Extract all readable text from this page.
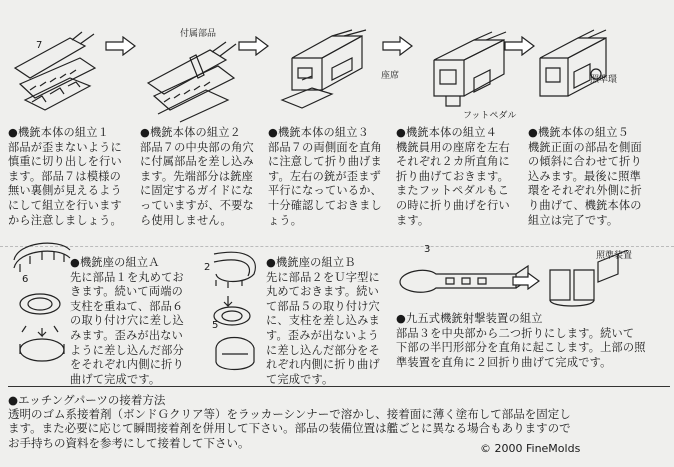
7
付属部品
座席
フットペダル
照準環
●機銃本体の組立１
部品が歪まないように
慎重に切り出しを行い
ます。部品７は模様の
無い裏側が見えるよう
にして組立を行います
から注意しましょう。
●機銃本体の組立２
部品７の中央部の角穴
に付属部品を差し込み
ます。先端部分は銃座
に固定するガイドにな
っていますが、不要な
ら使用しません。
●機銃本体の組立３
部品７の両側面を直角
に注意して折り曲げま
す。左右の銃が歪まず
平行になっているか、
十分確認しておきまし
ょう。
●機銃本体の組立４
機銃員用の座席を左右
それぞれ２カ所直角に
折り曲げておきます。
またフットペダルもこ
の時に折り曲げを行い
ます。
●機銃本体の組立５
機銃正面の部品を側面
の傾斜に合わせて折り
込みます。最後に照準
環をそれぞれ外側に折
り曲げて、機銃本体の
組立は完了です。
6
●機銃座の組立Ａ
先に部品１を丸めてお
きます。続いて両端の
支柱を重ねて、部品６
の取り付け穴に差し込
みます。歪みが出ない
ように差し込んだ部分
をそれぞれ内側に折り
曲げて完成です。
2
5
●機銃座の組立Ｂ
先に部品２をＵ字型に
丸めておきます。続い
て部品５の取り付け穴
に、支柱を差し込みま
す。歪みが出ないよう
に差し込んだ部分をそ
れぞれ内側に折り曲げ
て完成です。
3
照準装置
●九五式機銃射撃装置の組立
部品３を中央部から二つ折りにします。続いて
下部の半円形部分を直角に起こします。上部の照
準装置を直角に２回折り曲げて完成です。
●エッチングパーツの接着方法
透明のゴム系接着剤（ボンドＧクリア等）をラッカーシンナーで溶かし、接着面に薄く塗布して部品を固定し
ます。また必要に応じて瞬間接着剤を併用して下さい。部品の装備位置は艦ごとに異なる場合もありますので
お手持ちの資料を参考にして接着して下さい。	© 2000 FineMolds
